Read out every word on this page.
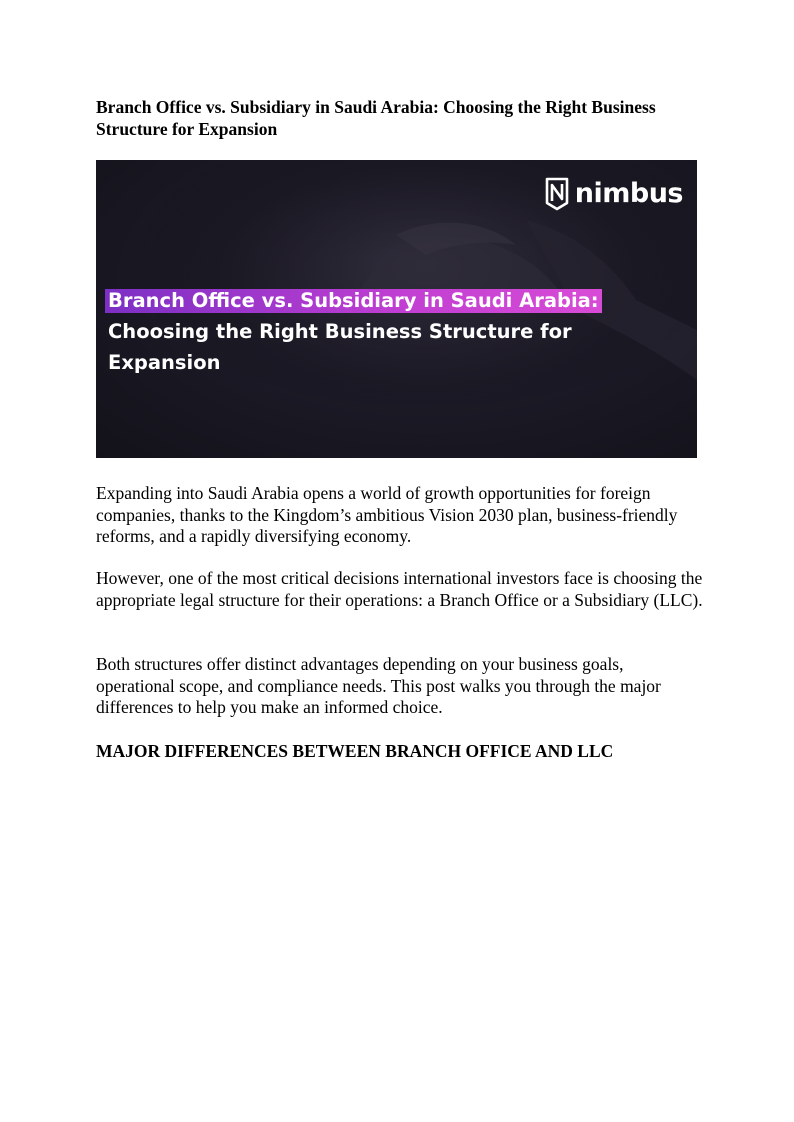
Branch Office vs. Subsidiary in Saudi Arabia: Choosing the Right Business Structure for Expansion
nimbus
Branch Office vs. Subsidiary in Saudi Arabia:
Choosing the Right Business Structure for
Expansion

Expanding into Saudi Arabia opens a world of growth opportunities for foreign companies, thanks to the Kingdom’s ambitious Vision 2030 plan, business-friendly reforms, and a rapidly diversifying economy.

However, one of the most critical decisions international investors face is choosing the appropriate legal structure for their operations: a Branch Office or a Subsidiary (LLC).

Both structures offer distinct advantages depending on your business goals, operational scope, and compliance needs. This post walks you through the major differences to help you make an informed choice.

MAJOR DIFFERENCES BETWEEN BRANCH OFFICE AND LLC
